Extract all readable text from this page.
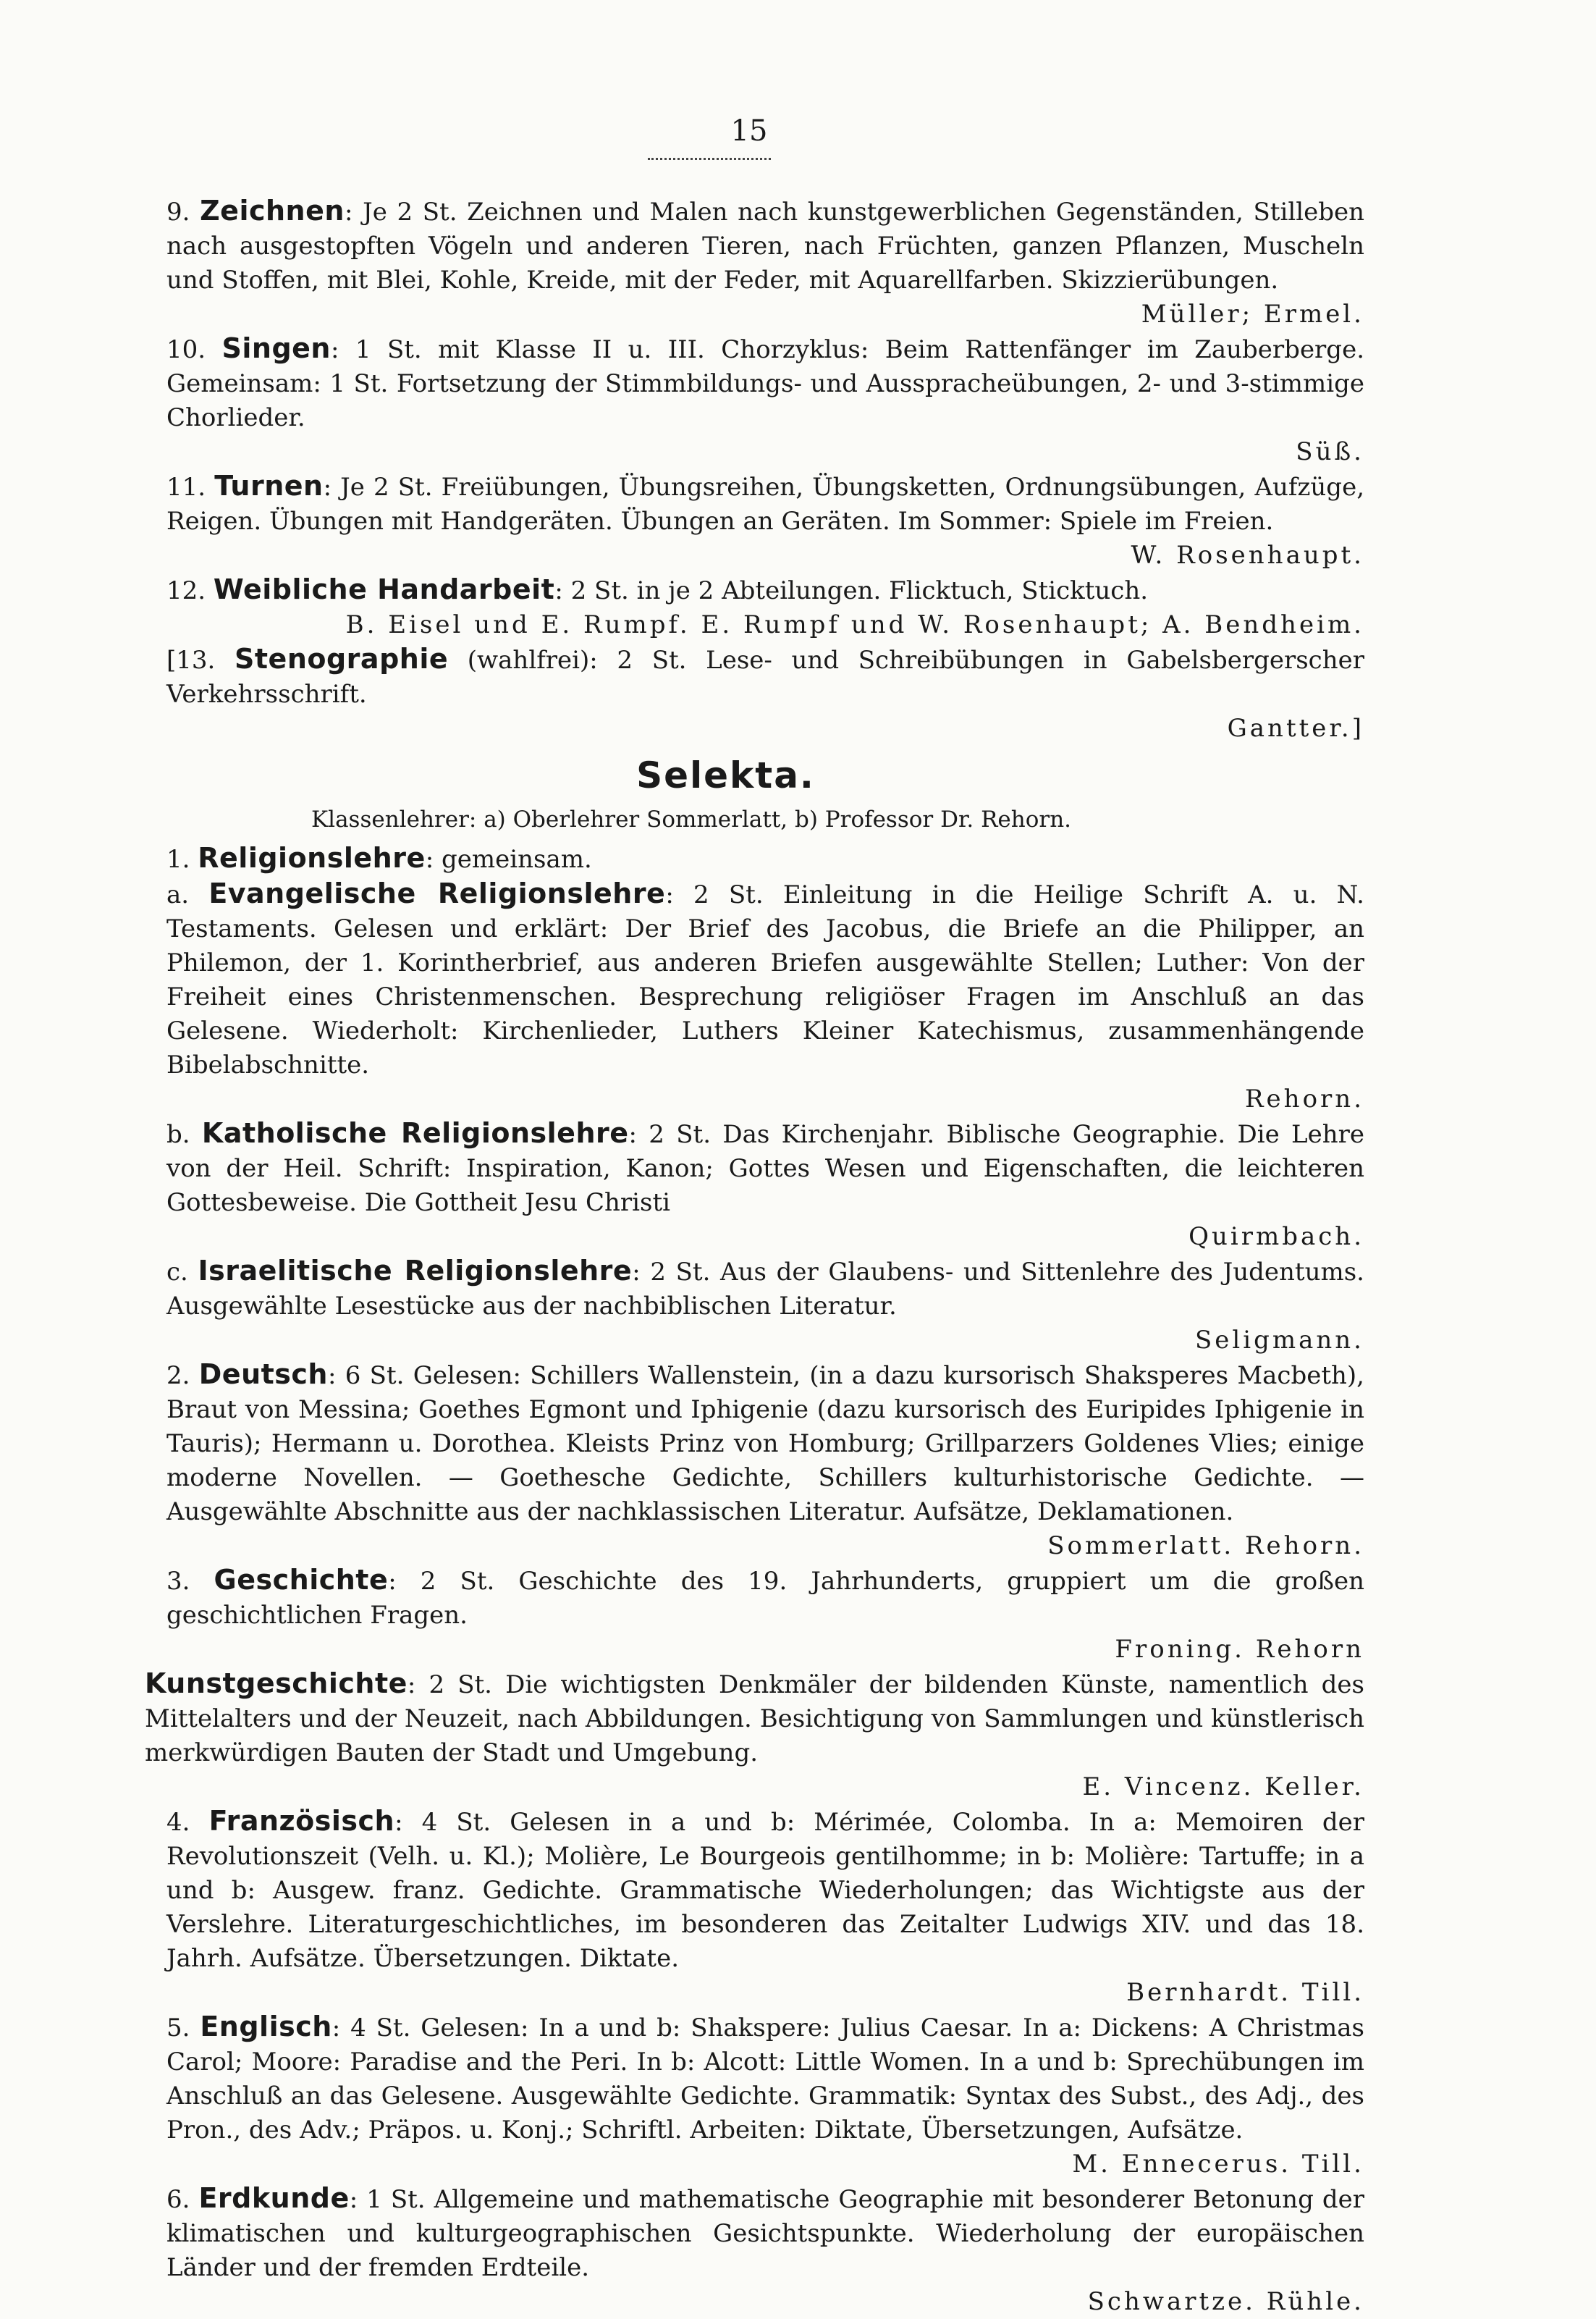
15

9. Zeichnen: Je 2 St. Zeichnen und Malen nach kunstgewerblichen Gegenständen, Stilleben nach ausgestopften Vögeln und anderen Tieren, nach Früchten, ganzen Pflanzen, Muscheln und Stoffen, mit Blei, Kohle, Kreide, mit der Feder, mit Aquarellfarben. Skizzierübungen.

Müller; Ermel.

10. Singen: 1 St. mit Klasse II u. III. Chorzyklus: Beim Rattenfänger im Zauberberge. Gemeinsam: 1 St. Fortsetzung der Stimmbildungs- und Aussprachеübungen, 2- und 3-stimmige Chorlieder.

Süß.

11. Turnen: Je 2 St. Freiübungen, Übungsreihen, Übungsketten, Ordnungsübungen, Aufzüge, Reigen. Übungen mit Handgeräten. Übungen an Geräten. Im Sommer: Spiele im Freien.

W. Rosenhaupt.

12. Weibliche Handarbeit: 2 St. in je 2 Abteilungen. Flicktuch, Sticktuch.

B. Eisel und E. Rumpf. E. Rumpf und W. Rosenhaupt; A. Bendheim.

[13. Stenographie (wahlfrei): 2 St. Lese- und Schreibübungen in Gabelsbergerscher Verkehrsschrift.

Gantter.]

Selekta.
Klassenlehrer: a) Oberlehrer Sommerlatt, b) Professor Dr. Rehorn.

1. Religionslehre: gemeinsam.

a. Evangelische Religionslehre: 2 St. Einleitung in die Heilige Schrift A. u. N. Testaments. Gelesen und erklärt: Der Brief des Jacobus, die Briefe an die Philipper, an Philemon, der 1. Korintherbrief, aus anderen Briefen ausgewählte Stellen; Luther: Von der Freiheit eines Christenmenschen. Besprechung religiöser Fragen im Anschluß an das Gelesene. Wiederholt: Kirchenlieder, Luthers Kleiner Katechismus, zusammenhängende Bibelabschnitte.

Rehorn.

b. Katholische Religionslehre: 2 St. Das Kirchenjahr. Biblische Geographie. Die Lehre von der Heil. Schrift: Inspiration, Kanon; Gottes Wesen und Eigenschaften, die leichteren Gottesbeweise. Die Gottheit Jesu Christi

Quirmbach.

c. Israelitische Religionslehre: 2 St. Aus der Glaubens- und Sittenlehre des Judentums. Ausgewählte Lesestücke aus der nachbiblischen Literatur.

Seligmann.

2. Deutsch: 6 St. Gelesen: Schillers Wallenstein, (in a dazu kursorisch Shaksperes Macbeth), Braut von Messina; Goethes Egmont und Iphigenie (dazu kursorisch des Euripides Iphigenie in Tauris); Hermann u. Dorothea. Kleists Prinz von Homburg; Grillparzers Goldenes Vlies; einige moderne Novellen. — Goethesche Gedichte, Schillers kulturhistorische Gedichte. — Ausgewählte Abschnitte aus der nachklassischen Literatur. Aufsätze, Deklamationen.

Sommerlatt. Rehorn.

3. Geschichte: 2 St. Geschichte des 19. Jahrhunderts, gruppiert um die großen geschichtlichen Fragen.

Froning. Rehorn

Kunstgeschichte: 2 St. Die wichtigsten Denkmäler der bildenden Künste, namentlich des Mittelalters und der Neuzeit, nach Abbildungen. Besichtigung von Sammlungen und künstlerisch merkwürdigen Bauten der Stadt und Umgebung.

E. Vincenz. Keller.

4. Französisch: 4 St. Gelesen in a und b: Mérimée, Colomba. In a: Memoiren der Revolutionszeit (Velh. u. Kl.); Molière, Le Bourgeois gentilhomme; in b: Molière: Tartuffe; in a und b: Ausgew. franz. Gedichte. Grammatische Wiederholungen; das Wichtigste aus der Verslehre. Literaturgeschichtliches, im besonderen das Zeitalter Ludwigs XIV. und das 18. Jahrh. Aufsätze. Übersetzungen. Diktate.

Bernhardt. Till.

5. Englisch: 4 St. Gelesen: In a und b: Shakspere: Julius Caesar. In a: Dickens: A Christmas Carol; Moore: Paradise and the Peri. In b: Alcott: Little Women. In a und b: Sprechübungen im Anschluß an das Gelesene. Ausgewählte Gedichte. Grammatik: Syntax des Subst., des Adj., des Pron., des Adv.; Präpos. u. Konj.; Schriftl. Arbeiten: Diktate, Übersetzungen, Aufsätze.

M. Ennecerus. Till.

6. Erdkunde: 1 St. Allgemeine und mathematische Geographie mit besonderer Betonung der klimatischen und kulturgeographischen Gesichtspunkte. Wiederholung der europäischen Länder und der fremden Erdteile.

Schwartze. Rühle.
